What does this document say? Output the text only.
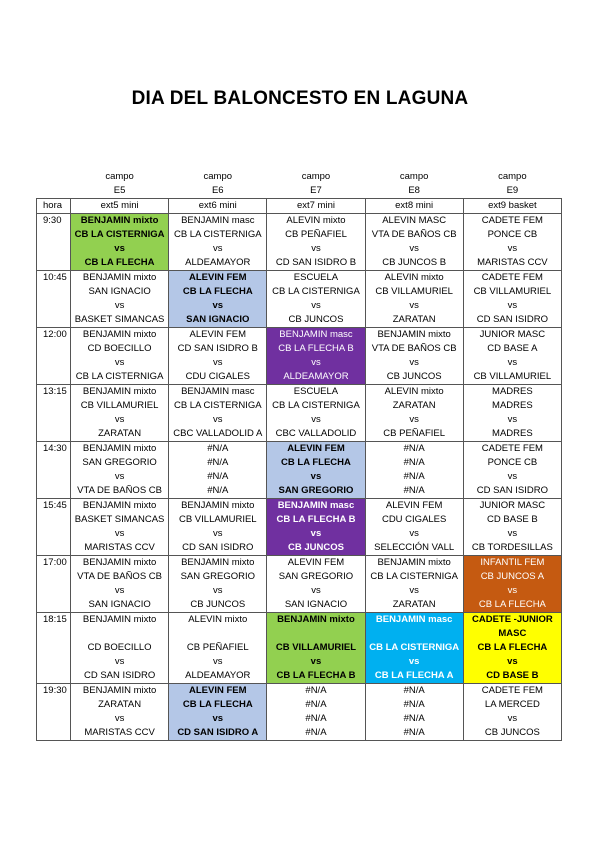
DIA DEL BALONCESTO EN LAGUNA
	campo	campo	campo	campo	campo
	E5	E6	E7	E8	E9
hora	ext5 mini	ext6 mini	ext7 mini	ext8 mini	ext9 basket
9:30	BENJAMIN mixto	BENJAMIN masc	ALEVIN mixto	ALEVIN MASC	CADETE FEM
	CB LA CISTERNIGA	CB LA CISTERNIGA	CB PEÑAFIEL	VTA DE BAÑOS CB	PONCE CB
	vs	vs	vs	vs	vs
	CB LA FLECHA	ALDEAMAYOR	CD SAN ISIDRO B	CB JUNCOS B	MARISTAS CCV
10:45	BENJAMIN mixto	ALEVIN FEM	ESCUELA	ALEVIN mixto	CADETE FEM
	SAN IGNACIO	CB LA FLECHA	CB LA CISTERNIGA	CB VILLAMURIEL	CB VILLAMURIEL
	vs	vs	vs	vs	vs
	BASKET SIMANCAS	SAN IGNACIO	CB JUNCOS	ZARATAN	CD SAN ISIDRO
12:00	BENJAMIN mixto	ALEVIN FEM	BENJAMIN masc	BENJAMIN mixto	JUNIOR MASC
	CD BOECILLO	CD SAN ISIDRO B	CB LA FLECHA B	VTA DE BAÑOS CB	CD BASE A
	vs	vs	vs	vs	vs
	CB LA CISTERNIGA	CDU CIGALES	ALDEAMAYOR	CB JUNCOS	CB VILLAMURIEL
13:15	BENJAMIN mixto	BENJAMIN masc	ESCUELA	ALEVIN mixto	MADRES
	CB VILLAMURIEL	CB LA CISTERNIGA	CB LA CISTERNIGA	ZARATAN	MADRES
	vs	vs	vs	vs	vs
	ZARATAN	CBC VALLADOLID A	CBC VALLADOLID	CB PEÑAFIEL	MADRES
14:30	BENJAMIN mixto	#N/A	ALEVIN FEM	#N/A	CADETE FEM
	SAN GREGORIO	#N/A	CB LA FLECHA	#N/A	PONCE CB
	vs	#N/A	vs	#N/A	vs
	VTA DE BAÑOS CB	#N/A	SAN GREGORIO	#N/A	CD SAN ISIDRO
15:45	BENJAMIN mixto	BENJAMIN mixto	BENJAMIN masc	ALEVIN FEM	JUNIOR MASC
	BASKET SIMANCAS	CB VILLAMURIEL	CB LA FLECHA B	CDU CIGALES	CD BASE B
	vs	vs	vs	vs	vs
	MARISTAS CCV	CD SAN ISIDRO	CB JUNCOS	SELECCIÓN VALL	CB TORDESILLAS
17:00	BENJAMIN mixto	BENJAMIN mixto	ALEVIN FEM	BENJAMIN mixto	INFANTIL FEM
	VTA DE BAÑOS CB	SAN GREGORIO	SAN GREGORIO	CB LA CISTERNIGA	CB JUNCOS A
	vs	vs	vs	vs	vs
	SAN IGNACIO	CB JUNCOS	SAN IGNACIO	ZARATAN	CB LA FLECHA
18:15	BENJAMIN mixto	ALEVIN mixto	BENJAMIN mixto	BENJAMIN masc	CADETE -JUNIOR MASC
	CD BOECILLO	CB PEÑAFIEL	CB VILLAMURIEL	CB LA CISTERNIGA	CB LA FLECHA
	vs	vs	vs	vs	vs
	CD SAN ISIDRO	ALDEAMAYOR	CB LA FLECHA B	CB LA FLECHA A	CD BASE B
19:30	BENJAMIN mixto	ALEVIN FEM	#N/A	#N/A	CADETE FEM
	ZARATAN	CB LA FLECHA	#N/A	#N/A	LA MERCED
	vs	vs	#N/A	#N/A	vs
	MARISTAS CCV	CD SAN ISIDRO A	#N/A	#N/A	CB JUNCOS
